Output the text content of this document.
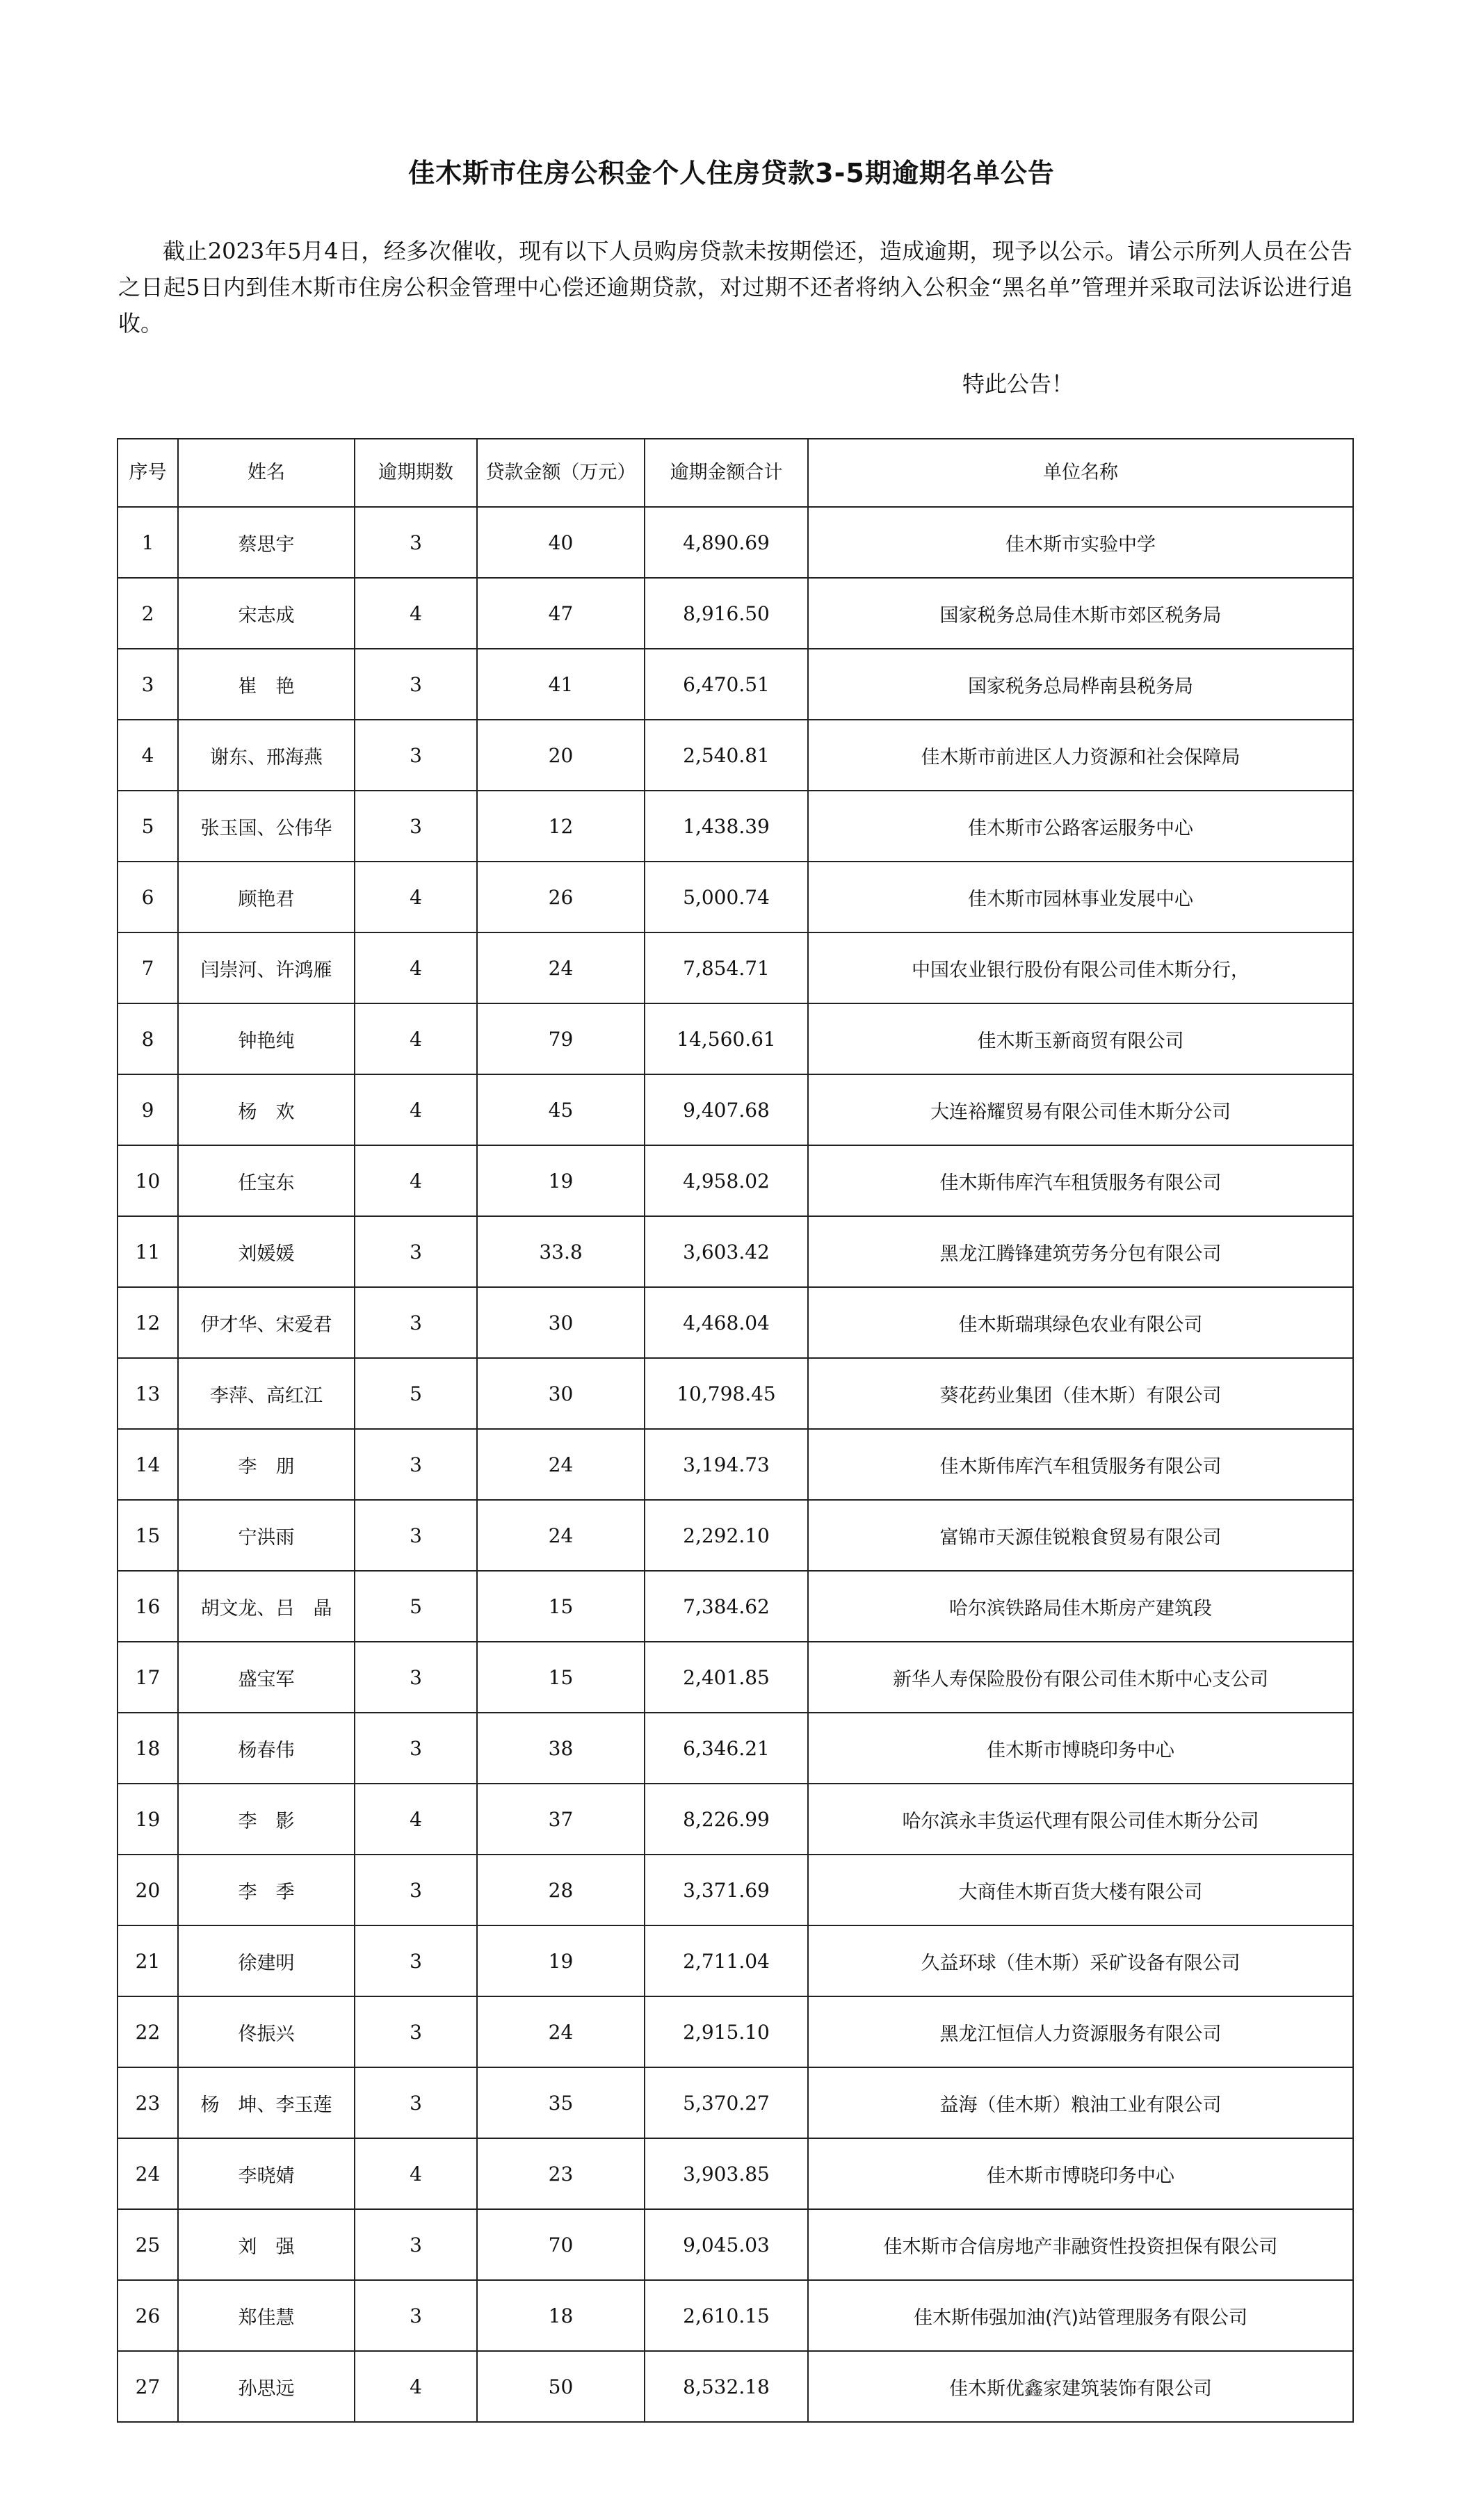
佳木斯市住房公积金个人住房贷款3-5期逾期名单公告

截止2023年5月4日，经多次催收，现有以下人员购房贷款未按期偿还，造成逾期，现予以公示。请公示所列人员在公告之日起5日内到佳木斯市住房公积金管理中心偿还逾期贷款，对过期不还者将纳入公积金“黑名单”管理并采取司法诉讼进行追收。

特此公告！
序号	姓名	逾期期数	贷款金额（万元）	逾期金额合计	单位名称
1	蔡思宇	3	40	4,890.69	佳木斯市实验中学
2	宋志成	4	47	8,916.50	国家税务总局佳木斯市郊区税务局
3	崔　艳	3	41	6,470.51	国家税务总局桦南县税务局
4	谢东、邢海燕	3	20	2,540.81	佳木斯市前进区人力资源和社会保障局
5	张玉国、公伟华	3	12	1,438.39	佳木斯市公路客运服务中心
6	顾艳君	4	26	5,000.74	佳木斯市园林事业发展中心
7	闫崇河、许鸿雁	4	24	7,854.71	中国农业银行股份有限公司佳木斯分行，
8	钟艳纯	4	79	14,560.61	佳木斯玉新商贸有限公司
9	杨　欢	4	45	9,407.68	大连裕耀贸易有限公司佳木斯分公司
10	任宝东	4	19	4,958.02	佳木斯伟库汽车租赁服务有限公司
11	刘媛媛	3	33.8	3,603.42	黑龙江腾锋建筑劳务分包有限公司
12	伊才华、宋爱君	3	30	4,468.04	佳木斯瑞琪绿色农业有限公司
13	李萍、高红江	5	30	10,798.45	葵花药业集团（佳木斯）有限公司
14	李　朋	3	24	3,194.73	佳木斯伟库汽车租赁服务有限公司
15	宁洪雨	3	24	2,292.10	富锦市天源佳锐粮食贸易有限公司
16	胡文龙、吕　晶	5	15	7,384.62	哈尔滨铁路局佳木斯房产建筑段
17	盛宝军	3	15	2,401.85	新华人寿保险股份有限公司佳木斯中心支公司
18	杨春伟	3	38	6,346.21	佳木斯市博晓印务中心
19	李　影	4	37	8,226.99	哈尔滨永丰货运代理有限公司佳木斯分公司
20	李　季	3	28	3,371.69	大商佳木斯百货大楼有限公司
21	徐建明	3	19	2,711.04	久益环球（佳木斯）采矿设备有限公司
22	佟振兴	3	24	2,915.10	黑龙江恒信人力资源服务有限公司
23	杨　坤、李玉莲	3	35	5,370.27	益海（佳木斯）粮油工业有限公司
24	李晓婧	4	23	3,903.85	佳木斯市博晓印务中心
25	刘　强	3	70	9,045.03	佳木斯市合信房地产非融资性投资担保有限公司
26	郑佳慧	3	18	2,610.15	佳木斯伟强加油(汽)站管理服务有限公司
27	孙思远	4	50	8,532.18	佳木斯优鑫家建筑装饰有限公司
